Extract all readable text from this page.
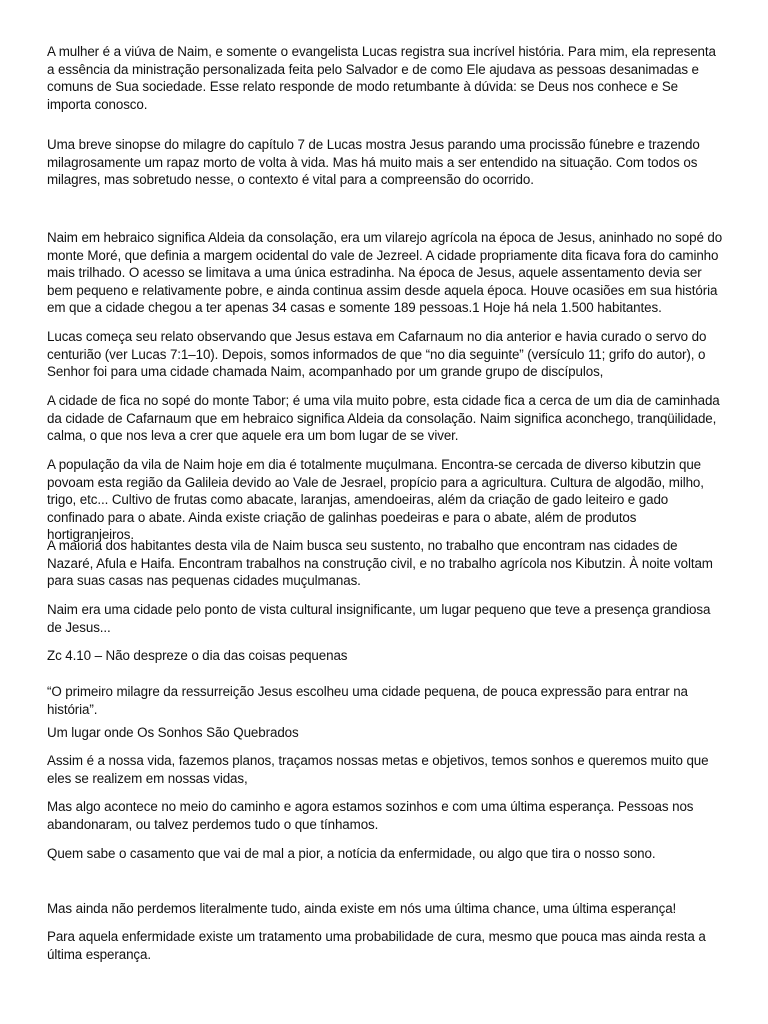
A mulher é a viúva de Naim, e somente o evangelista Lucas registra sua incrível história. Para mim, ela representa a essência da ministração personalizada feita pelo Salvador e de como Ele ajudava as pessoas desanimadas e comuns de Sua sociedade. Esse relato responde de modo retumbante à dúvida: se Deus nos conhece e Se importa conosco.

Uma breve sinopse do milagre do capítulo 7 de Lucas mostra Jesus parando uma procissão fúnebre e trazendo milagrosamente um rapaz morto de volta à vida. Mas há muito mais a ser entendido na situação. Com todos os milagres, mas sobretudo nesse, o contexto é vital para a compreensão do ocorrido.

Naim em hebraico significa Aldeia da consolação, era um vilarejo agrícola na época de Jesus, aninhado no sopé do monte Moré, que definia a margem ocidental do vale de Jezreel. A cidade propriamente dita ficava fora do caminho mais trilhado. O acesso se limitava a uma única estradinha. Na época de Jesus, aquele assentamento devia ser bem pequeno e relativamente pobre, e ainda continua assim desde aquela época. Houve ocasiões em sua história em que a cidade chegou a ter apenas 34 casas e somente 189 pessoas.1 Hoje há nela 1.500 habitantes.

Lucas começa seu relato observando que Jesus estava em Cafarnaum no dia anterior e havia curado o servo do centurião (ver Lucas 7:1–10). Depois, somos informados de que “no dia seguinte” (versículo 11; grifo do autor), o Senhor foi para uma cidade chamada Naim, acompanhado por um grande grupo de discípulos,

A cidade de fica no sopé do monte Tabor; é uma vila muito pobre, esta cidade fica a cerca de um dia de caminhada da cidade de Cafarnaum que em hebraico significa Aldeia da consolação. Naim significa aconchego, tranqüilidade, calma, o que nos leva a crer que aquele era um bom lugar de se viver.

A população da vila de Naim hoje em dia é totalmente muçulmana. Encontra-se cercada de diverso kibutzin que povoam esta região da Galileia devido ao Vale de Jesrael, propício para a agricultura. Cultura de algodão, milho, trigo, etc... Cultivo de frutas como abacate, laranjas, amendoeiras, além da criação de gado leiteiro e gado confinado para o abate. Ainda existe criação de galinhas poedeiras e para o abate, além de produtos hortigranjeiros.

A maioria dos habitantes desta vila de Naim busca seu sustento, no trabalho que encontram nas cidades de Nazaré, Afula e Haifa. Encontram trabalhos na construção civil, e no trabalho agrícola nos Kibutzin. À noite voltam para suas casas nas pequenas cidades muçulmanas.

Naim era uma cidade pelo ponto de vista cultural insignificante, um lugar pequeno que teve a presença grandiosa de Jesus...

Zc 4.10 – Não despreze o dia das coisas pequenas

“O primeiro milagre da ressurreição Jesus escolheu uma cidade pequena, de pouca expressão para entrar na história”.

Um lugar onde Os Sonhos São Quebrados

Assim é a nossa vida, fazemos planos, traçamos nossas metas e objetivos, temos sonhos e queremos muito que eles se realizem em nossas vidas,

Mas algo acontece no meio do caminho e agora estamos sozinhos e com uma última esperança. Pessoas nos abandonaram, ou talvez perdemos tudo o que tínhamos.

Quem sabe o casamento que vai de mal a pior, a notícia da enfermidade, ou algo que tira o nosso sono.

Mas ainda não perdemos literalmente tudo, ainda existe em nós uma última chance, uma última esperança!

Para aquela enfermidade existe um tratamento uma probabilidade de cura, mesmo que pouca mas ainda resta a última esperança.
